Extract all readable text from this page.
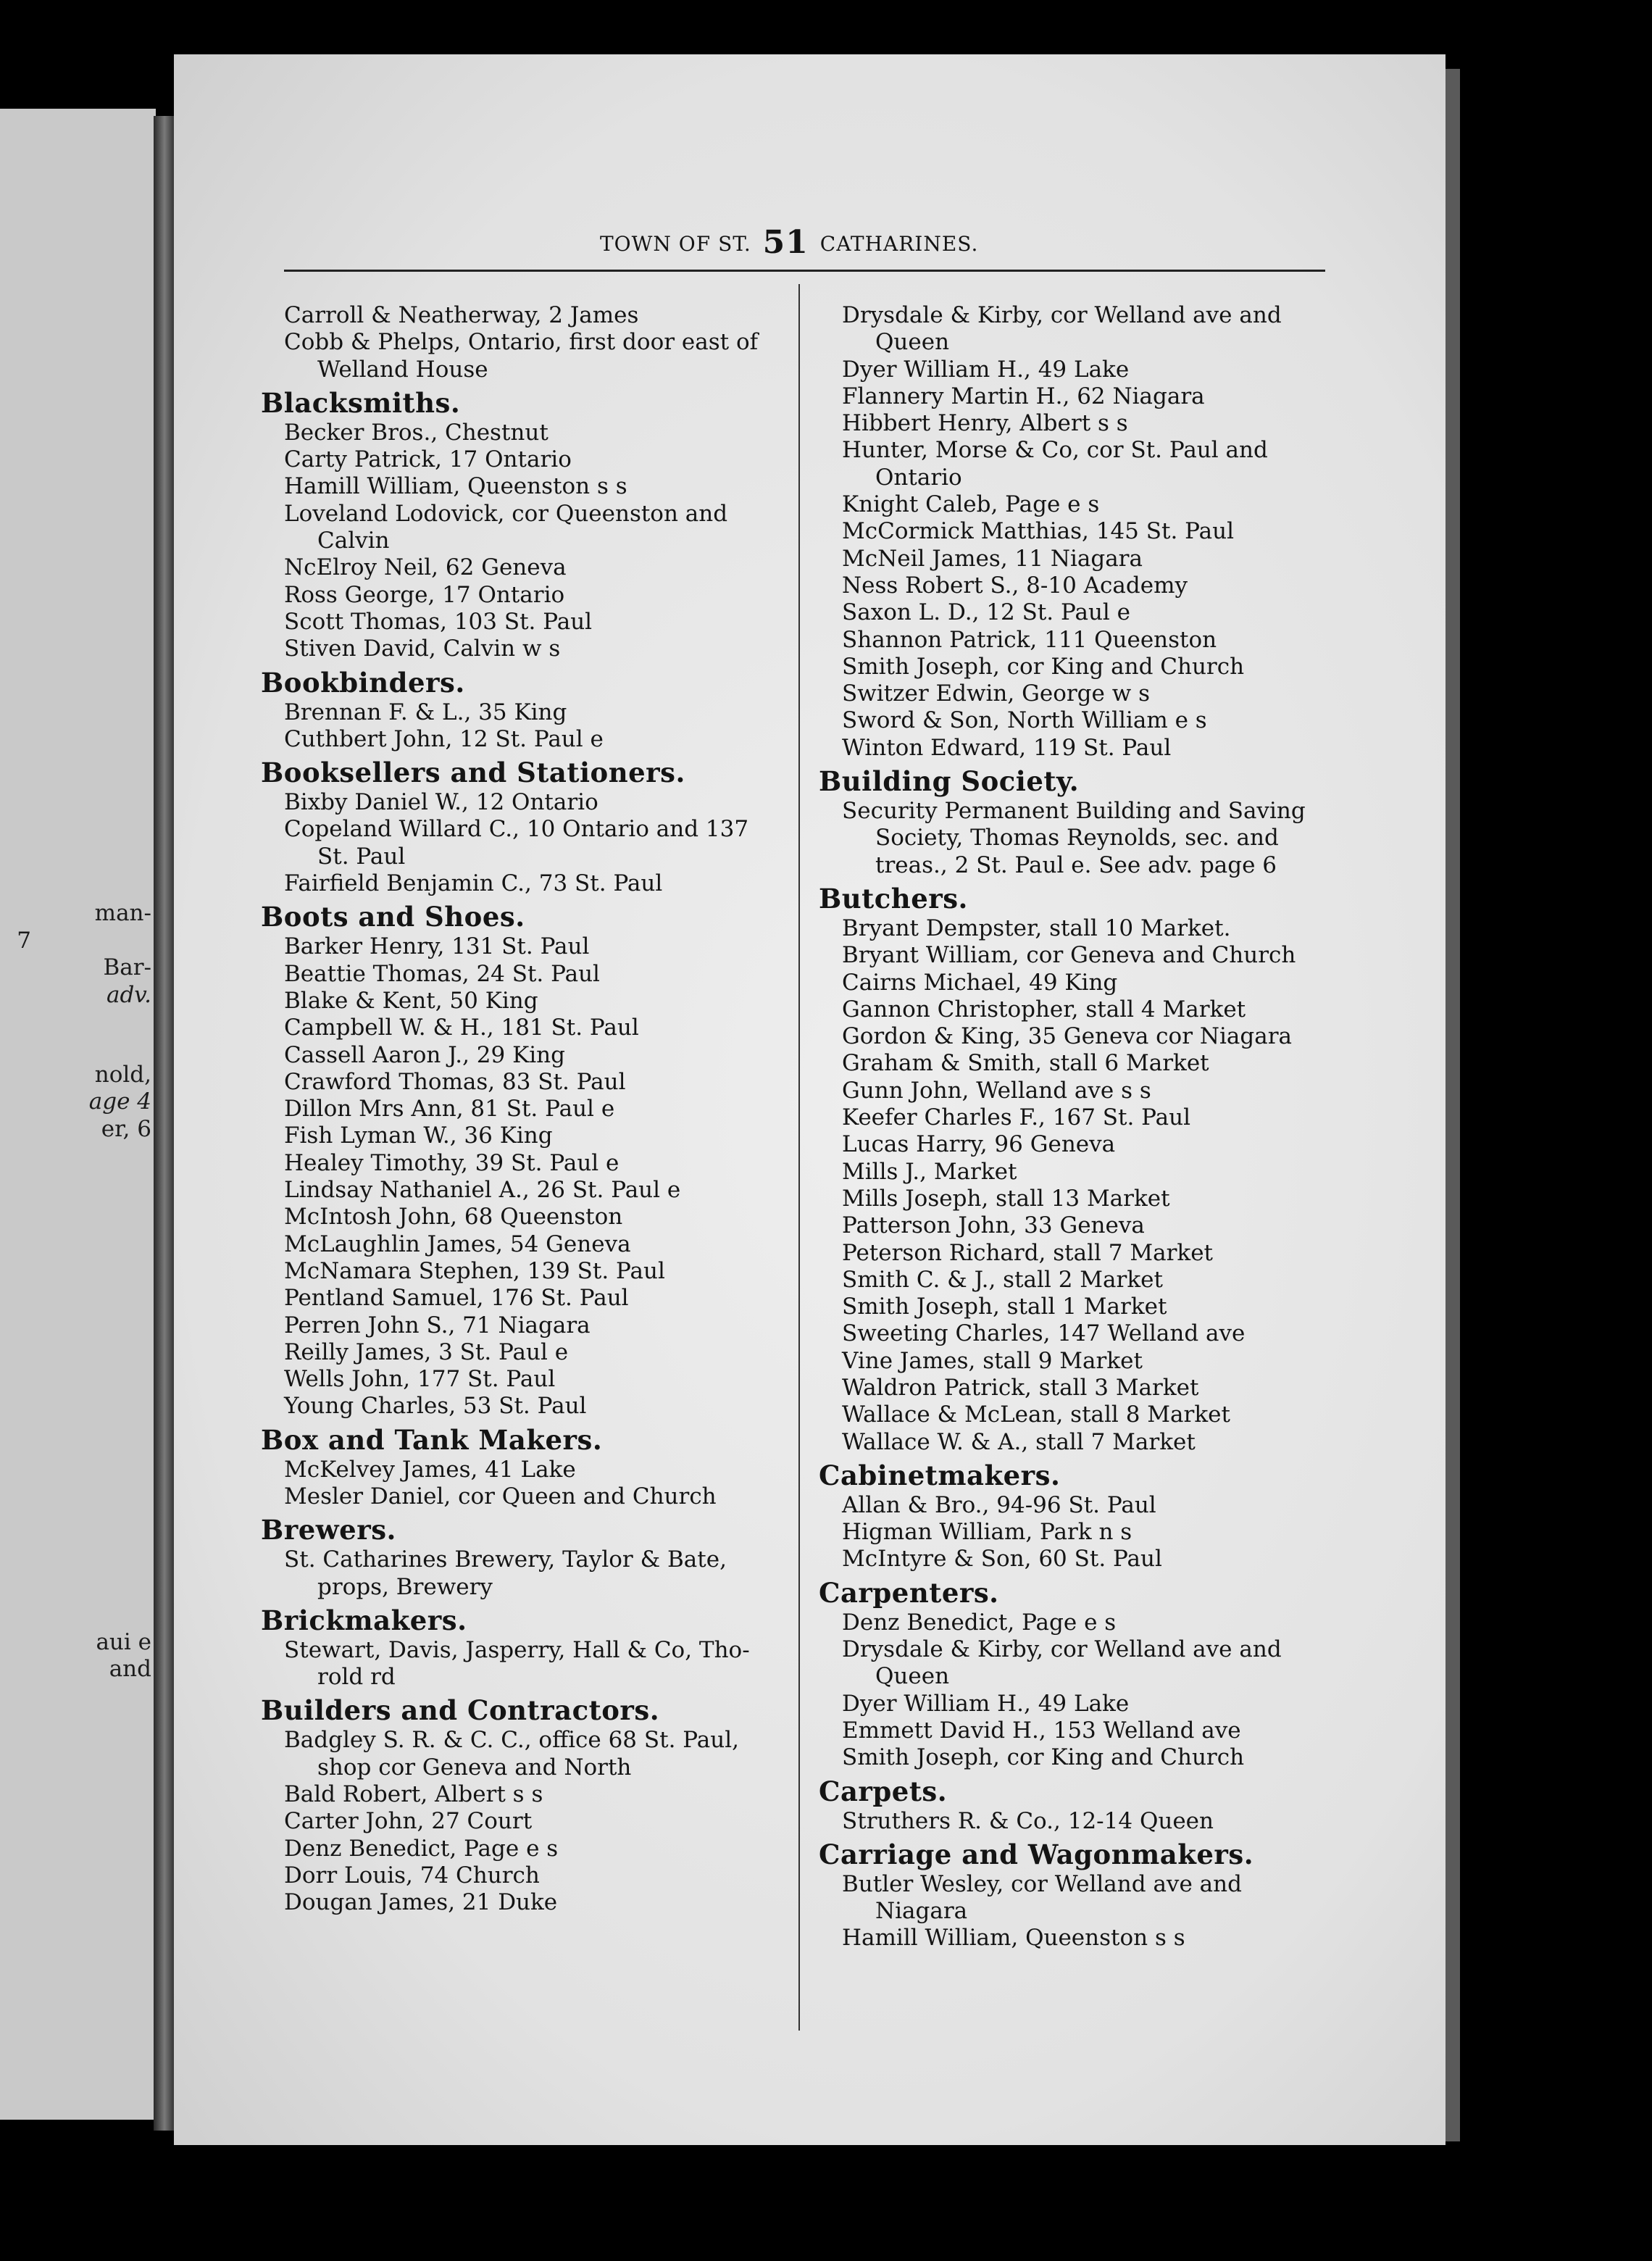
man-
7
Bar-
adv.
nold,
age 4
er, 6
aui e
and
TOWN OF ST. 51 CATHARINES.
Carroll & Neatherway, 2 James
Cobb & Phelps, Ontario, first door east of
Welland House
Blacksmiths.
Becker Bros., Chestnut
Carty Patrick, 17 Ontario
Hamill William, Queenston s s
Loveland Lodovick, cor Queenston and
Calvin
NcElroy Neil, 62 Geneva
Ross George, 17 Ontario
Scott Thomas, 103 St. Paul
Stiven David, Calvin w s
Bookbinders.
Brennan F. & L., 35 King
Cuthbert John, 12 St. Paul e
Booksellers and Stationers.
Bixby Daniel W., 12 Ontario
Copeland Willard C., 10 Ontario and 137
St. Paul
Fairfield Benjamin C., 73 St. Paul
Boots and Shoes.
Barker Henry, 131 St. Paul
Beattie Thomas, 24 St. Paul
Blake & Kent, 50 King
Campbell W. & H., 181 St. Paul
Cassell Aaron J., 29 King
Crawford Thomas, 83 St. Paul
Dillon Mrs Ann, 81 St. Paul e
Fish Lyman W., 36 King
Healey Timothy, 39 St. Paul e
Lindsay Nathaniel A., 26 St. Paul e
McIntosh John, 68 Queenston
McLaughlin James, 54 Geneva
McNamara Stephen, 139 St. Paul
Pentland Samuel, 176 St. Paul
Perren John S., 71 Niagara
Reilly James, 3 St. Paul e
Wells John, 177 St. Paul
Young Charles, 53 St. Paul
Box and Tank Makers.
McKelvey James, 41 Lake
Mesler Daniel, cor Queen and Church
Brewers.
St. Catharines Brewery, Taylor & Bate,
props, Brewery
Brickmakers.
Stewart, Davis, Jasperry, Hall & Co, Tho-
rold rd
Builders and Contractors.
Badgley S. R. & C. C., office 68 St. Paul,
shop cor Geneva and North
Bald Robert, Albert s s
Carter John, 27 Court
Denz Benedict, Page e s
Dorr Louis, 74 Church
Dougan James, 21 Duke
Drysdale & Kirby, cor Welland ave and
Queen
Dyer William H., 49 Lake
Flannery Martin H., 62 Niagara
Hibbert Henry, Albert s s
Hunter, Morse & Co, cor St. Paul and
Ontario
Knight Caleb, Page e s
McCormick Matthias, 145 St. Paul
McNeil James, 11 Niagara
Ness Robert S., 8-10 Academy
Saxon L. D., 12 St. Paul e
Shannon Patrick, 111 Queenston
Smith Joseph, cor King and Church
Switzer Edwin, George w s
Sword & Son, North William e s
Winton Edward, 119 St. Paul
Building Society.
Security Permanent Building and Saving
Society, Thomas Reynolds, sec. and
treas., 2 St. Paul e. See adv. page 6
Butchers.
Bryant Dempster, stall 10 Market.
Bryant William, cor Geneva and Church
Cairns Michael, 49 King
Gannon Christopher, stall 4 Market
Gordon & King, 35 Geneva cor Niagara
Graham & Smith, stall 6 Market
Gunn John, Welland ave s s
Keefer Charles F., 167 St. Paul
Lucas Harry, 96 Geneva
Mills J., Market
Mills Joseph, stall 13 Market
Patterson John, 33 Geneva
Peterson Richard, stall 7 Market
Smith C. & J., stall 2 Market
Smith Joseph, stall 1 Market
Sweeting Charles, 147 Welland ave
Vine James, stall 9 Market
Waldron Patrick, stall 3 Market
Wallace & McLean, stall 8 Market
Wallace W. & A., stall 7 Market
Cabinetmakers.
Allan & Bro., 94-96 St. Paul
Higman William, Park n s
McIntyre & Son, 60 St. Paul
Carpenters.
Denz Benedict, Page e s
Drysdale & Kirby, cor Welland ave and
Queen
Dyer William H., 49 Lake
Emmett David H., 153 Welland ave
Smith Joseph, cor King and Church
Carpets.
Struthers R. & Co., 12-14 Queen
Carriage and Wagonmakers.
Butler Wesley, cor Welland ave and
Niagara
Hamill William, Queenston s s
